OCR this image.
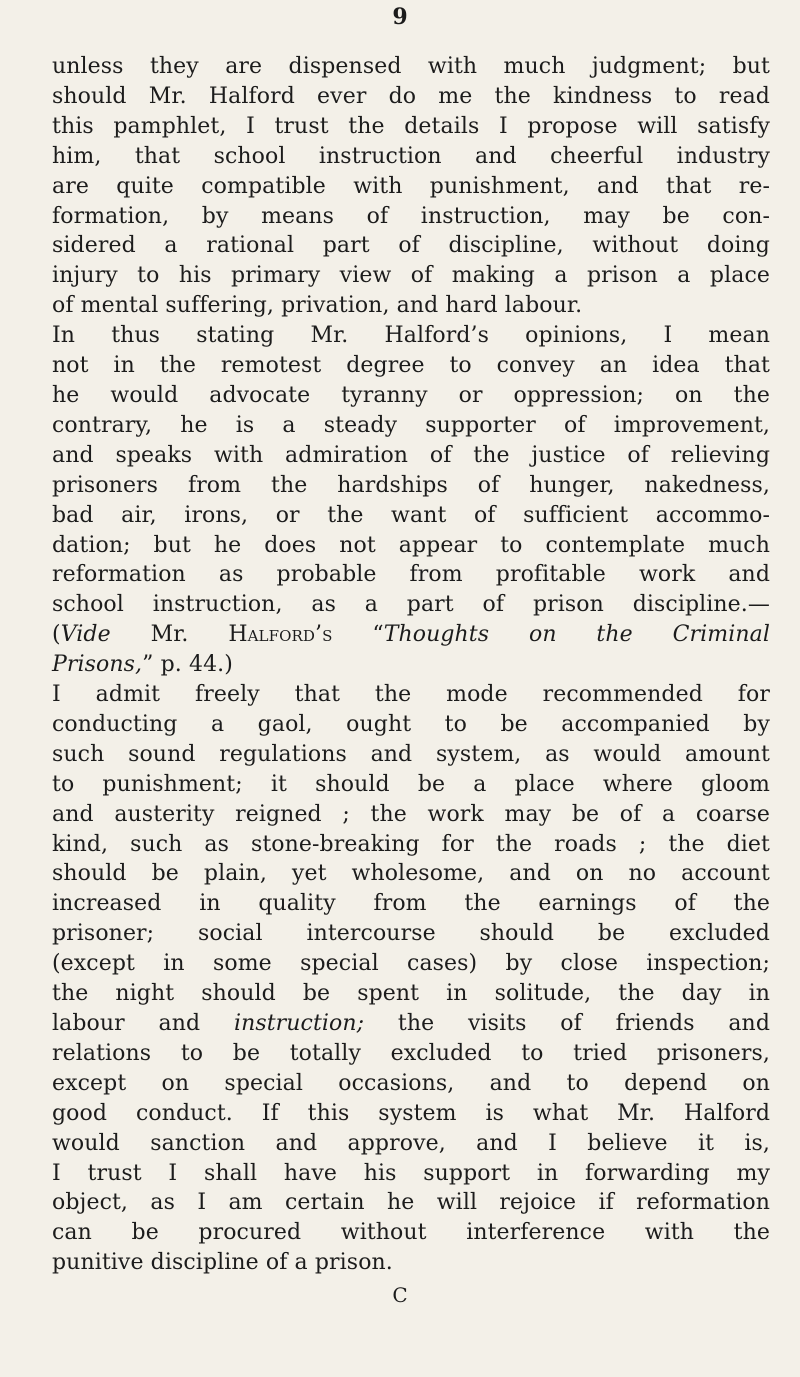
9
unless they are dispensed with much judgment; but
should Mr. Halford ever do me the kindness to read
this pamphlet, I trust the details I propose will satisfy
him, that school instruction and cheerful industry
are quite compatible with punishment, and that re-
formation, by means of instruction, may be con-
sidered a rational part of discipline, without doing
injury to his primary view of making a prison a place
of mental suffering, privation, and hard labour.
In thus stating Mr. Halford’s opinions, I mean
not in the remotest degree to convey an idea that
he would advocate tyranny or oppression; on the
contrary, he is a steady supporter of improvement,
and speaks with admiration of the justice of relieving
prisoners from the hardships of hunger, nakedness,
bad air, irons, or the want of sufficient accommo-
dation; but he does not appear to contemplate much
reformation as probable from profitable work and
school instruction, as a part of prison discipline.—
(Vide Mr. Halford’s “Thoughts on the Criminal
Prisons,” p. 44.)
I admit freely that the mode recommended for
conducting a gaol, ought to be accompanied by
such sound regulations and system, as would amount
to punishment; it should be a place where gloom
and austerity reigned ; the work may be of a coarse
kind, such as stone-breaking for the roads ; the diet
should be plain, yet wholesome, and on no account
increased in quality from the earnings of the
prisoner; social intercourse should be excluded
(except in some special cases) by close inspection;
the night should be spent in solitude, the day in
labour and instruction; the visits of friends and
relations to be totally excluded to tried prisoners,
except on special occasions, and to depend on
good conduct. If this system is what Mr. Halford
would sanction and approve, and I believe it is,
I trust I shall have his support in forwarding my
object, as I am certain he will rejoice if reformation
can be procured without interference with the
punitive discipline of a prison.
C
